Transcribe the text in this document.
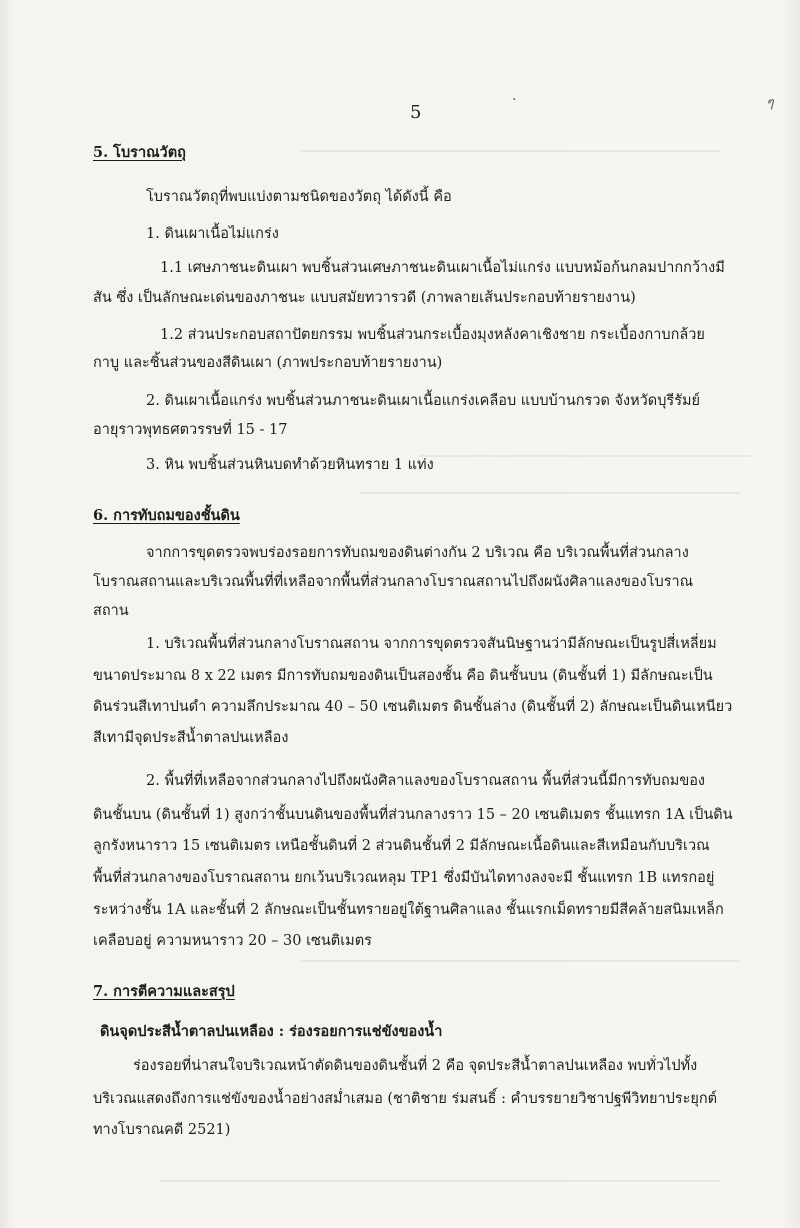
·	ๆ
5
5. โบราณวัตถุ
โบราณวัตถุที่พบแบ่งตามชนิดของวัตถุ ได้ดังนี้ คือ
1. ดินเผาเนื้อไม่แกร่ง
1.1 เศษภาชนะดินเผา พบชิ้นส่วนเศษภาชนะดินเผาเนื้อไม่แกร่ง แบบหม้อก้นกลมปากกว้างมี
สัน ซึ่ง เป็นลักษณะเด่นของภาชนะ แบบสมัยทวารวดี (ภาพลายเส้นประกอบท้ายรายงาน)
1.2 ส่วนประกอบสถาปัตยกรรม พบชิ้นส่วนกระเบื้องมุงหลังคาเชิงชาย กระเบื้องกาบกล้วย
กาบู และชิ้นส่วนของสีดินเผา (ภาพประกอบท้ายรายงาน)
2. ดินเผาเนื้อแกร่ง พบชิ้นส่วนภาชนะดินเผาเนื้อแกร่งเคลือบ แบบบ้านกรวด จังหวัดบุรีรัมย์
อายุราวพุทธศตวรรษที่ 15 - 17
3. หิน พบชิ้นส่วนหินบดทำด้วยหินทราย 1 แท่ง
6. การทับถมของชั้นดิน
จากการขุดตรวจพบร่องรอยการทับถมของดินต่างกัน 2 บริเวณ คือ บริเวณพื้นที่ส่วนกลาง
โบราณสถานและบริเวณพื้นที่ที่เหลือจากพื้นที่ส่วนกลางโบราณสถานไปถึงผนังศิลาแลงของโบราณ
สถาน
1. บริเวณพื้นที่ส่วนกลางโบราณสถาน จากการขุดตรวจสันนิษฐานว่ามีลักษณะเป็นรูปสี่เหลี่ยม
ขนาดประมาณ 8 x 22 เมตร มีการทับถมของดินเป็นสองชั้น คือ ดินชั้นบน (ดินชั้นที่ 1) มีลักษณะเป็น
ดินร่วนสีเทาปนดำ ความลึกประมาณ 40 – 50 เซนติเมตร ดินชั้นล่าง (ดินชั้นที่ 2) ลักษณะเป็นดินเหนียว
สีเทามีจุดประสีน้ำตาลปนเหลือง
2. พื้นที่ที่เหลือจากส่วนกลางไปถึงผนังศิลาแลงของโบราณสถาน พื้นที่ส่วนนี้มีการทับถมของ
ดินชั้นบน (ดินชั้นที่ 1) สูงกว่าชั้นบนดินของพื้นที่ส่วนกลางราว 15 – 20 เซนติเมตร ชั้นแทรก 1A เป็นดิน
ลูกรังหนาราว 15 เซนติเมตร เหนือชั้นดินที่ 2 ส่วนดินชั้นที่ 2 มีลักษณะเนื้อดินและสีเหมือนกับบริเวณ
พื้นที่ส่วนกลางของโบราณสถาน ยกเว้นบริเวณหลุม TP1 ซึ่งมีบันไดทางลงจะมี ชั้นแทรก 1B แทรกอยู่
ระหว่างชั้น 1A และชั้นที่ 2 ลักษณะเป็นชั้นทรายอยู่ใต้ฐานศิลาแลง ชั้นแรกเม็ดทรายมีสีคล้ายสนิมเหล็ก
เคลือบอยู่ ความหนาราว 20 – 30 เซนติเมตร
7. การตีความและสรุป
ดินจุดประสีน้ำตาลปนเหลือง : ร่องรอยการแช่ขังของน้ำ
ร่องรอยที่น่าสนใจบริเวณหน้าตัดดินของดินชั้นที่ 2 คือ จุดประสีน้ำตาลปนเหลือง พบทั่วไปทั้ง
บริเวณแสดงถึงการแช่ขังของน้ำอย่างสม่ำเสมอ (ชาติชาย ร่มสนธิ์ : คำบรรยายวิชาปฐพีวิทยาประยุกต์
ทางโบราณคดี 2521)
